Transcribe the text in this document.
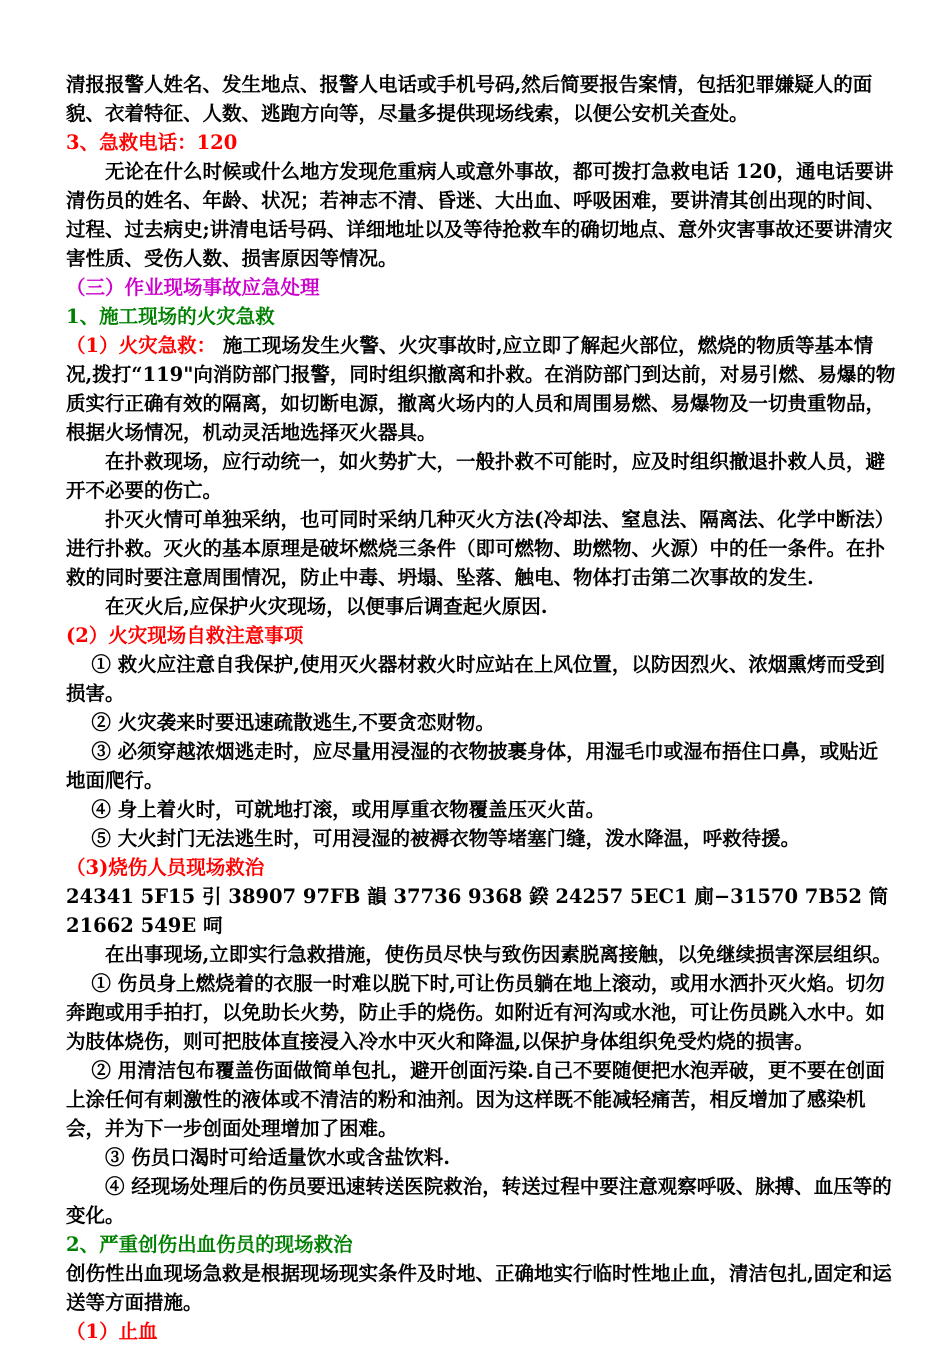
清报报警人姓名、发生地点、报警人电话或手机号码,然后简要报告案情，包括犯罪嫌疑人的面貌、衣着特征、人数、逃跑方向等，尽量多提供现场线索，以便公安机关查处。

3、急救电话：120

无论在什么时候或什么地方发现危重病人或意外事故，都可拨打急救电话 120，通电话要讲清伤员的姓名、年龄、状况；若神志不清、昏迷、大出血、呼吸困难，要讲清其创出现的时间、过程、过去病史;讲清电话号码、详细地址以及等待抢救车的确切地点、意外灾害事故还要讲清灾害性质、受伤人数、损害原因等情况。

（三）作业现场事故应急处理

1、施工现场的火灾急救

（1）火灾急救： 施工现场发生火警、火灾事故时,应立即了解起火部位，燃烧的物质等基本情况,拨打“119"向消防部门报警，同时组织撤离和扑救。在消防部门到达前，对易引燃、易爆的物质实行正确有效的隔离，如切断电源，撤离火场内的人员和周围易燃、易爆物及一切贵重物品，根据火场情况，机动灵活地选择灭火器具。

在扑救现场，应行动统一，如火势扩大，一般扑救不可能时，应及时组织撤退扑救人员，避开不必要的伤亡。

扑灭火情可单独采纳，也可同时采纳几种灭火方法(冷却法、窒息法、隔离法、化学中断法）进行扑救。灭火的基本原理是破坏燃烧三条件（即可燃物、助燃物、火源）中的任一条件。在扑救的同时要注意周围情况，防止中毒、坍塌、坠落、触电、物体打击第二次事故的发生.

在灭火后,应保护火灾现场，以便事后调查起火原因.

(2）火灾现场自救注意事项

① 救火应注意自我保护,使用灭火器材救火时应站在上风位置，以防因烈火、浓烟熏烤而受到损害。

② 火灾袭来时要迅速疏散逃生,不要贪恋财物。

③ 必须穿越浓烟逃走时，应尽量用浸湿的衣物披裹身体，用湿毛巾或湿布捂住口鼻，或贴近地面爬行。

④ 身上着火时，可就地打滚，或用厚重衣物覆盖压灭火苗。

⑤ 大火封门无法逃生时，可用浸湿的被褥衣物等堵塞门缝，泼水降温，呼救待援。

（3)烧伤人员现场救治

24341 5F15 引 38907 97FB 韻 37736 9368 鍨 24257 5EC1 廁−31570 7B52 筒 21662 549E 呞

在出事现场,立即实行急救措施，使伤员尽快与致伤因素脱离接触，以免继续损害深层组织。

① 伤员身上燃烧着的衣服一时难以脱下时,可让伤员躺在地上滚动，或用水洒扑灭火焰。切勿奔跑或用手拍打，以免助长火势，防止手的烧伤。如附近有河沟或水池，可让伤员跳入水中。如为肢体烧伤，则可把肢体直接浸入冷水中灭火和降温,以保护身体组织免受灼烧的损害。

② 用清洁包布覆盖伤面做简单包扎，避开创面污染.自己不要随便把水泡弄破，更不要在创面上涂任何有刺激性的液体或不清洁的粉和油剂。因为这样既不能减轻痛苦，相反增加了感染机会，并为下一步创面处理增加了困难。

③ 伤员口渴时可给适量饮水或含盐饮料.

④ 经现场处理后的伤员要迅速转送医院救治，转送过程中要注意观察呼吸、脉搏、血压等的变化。

2、严重创伤出血伤员的现场救治

创伤性出血现场急救是根据现场现实条件及时地、正确地实行临时性地止血，清洁包扎,固定和运送等方面措施。

（1）止血
